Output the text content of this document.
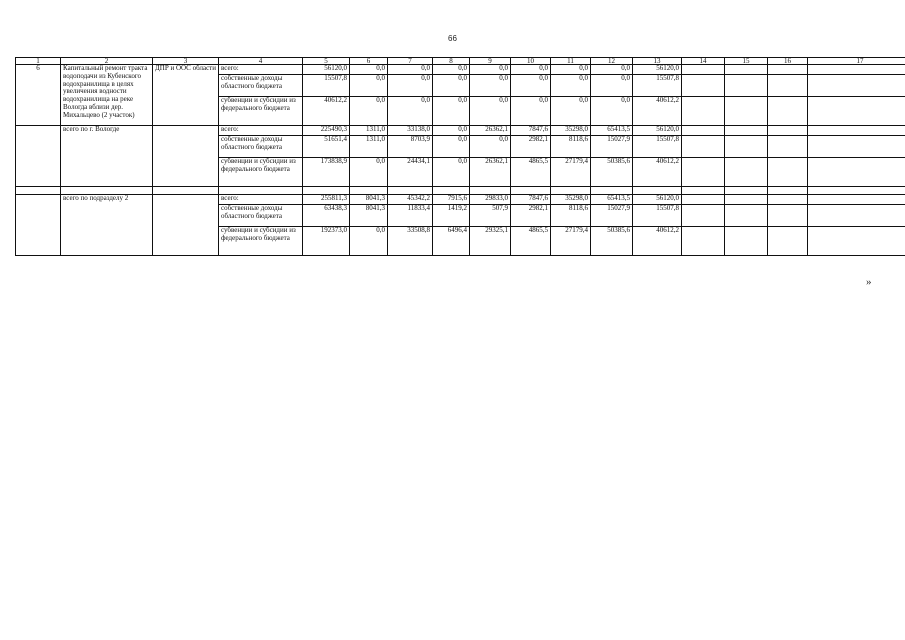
66
1	2	3	4	5	6	7	8	9	10	11	12	13	14	15	16	17
6	Капитальный ремонт тракта водоподачи из Кубенского водохранилища в целях увеличения водности водохранилища на реке Вологда вблизи дер. Михальцево (2 участок)	ДПР и ООС области	всего:	56120,0	0,0	0,0	0,0	0,0	0,0	0,0	0,0	56120,0				
			собственные доходы областного бюджета	15507,8	0,0	0,0	0,0	0,0	0,0	0,0	0,0	15507,8				
			субвенции и субсидии из федерального бюджета	40612,2	0,0	0,0	0,0	0,0	0,0	0,0	0,0	40612,2				
	всего по г. Вологде		всего:	225490,3	1311,0	33138,0	0,0	26362,1	7847,6	35298,0	65413,5	56120,0				
			собственные доходы областного бюджета	51651,4	1311,0	8703,9	0,0	0,0	2982,1	8118,6	15027,9	15507,8				
			субвенции и субсидии из федерального бюджета	173838,9	0,0	24434,1	0,0	26362,1	4865,5	27179,4	50385,6	40612,2				

	всего по подразделу 2		всего:	255811,3	8041,3	45342,2	7915,6	29833,0	7847,6	35298,0	65413,5	56120,0				
			собственные доходы областного бюджета	63438,3	8041,3	11833,4	1419,2	507,9	2982,1	8118,6	15027,9	15507,8				
			субвенции и субсидии из федерального бюджета	192373,0	0,0	33508,8	6496,4	29325,1	4865,5	27179,4	50385,6	40612,2				
»
